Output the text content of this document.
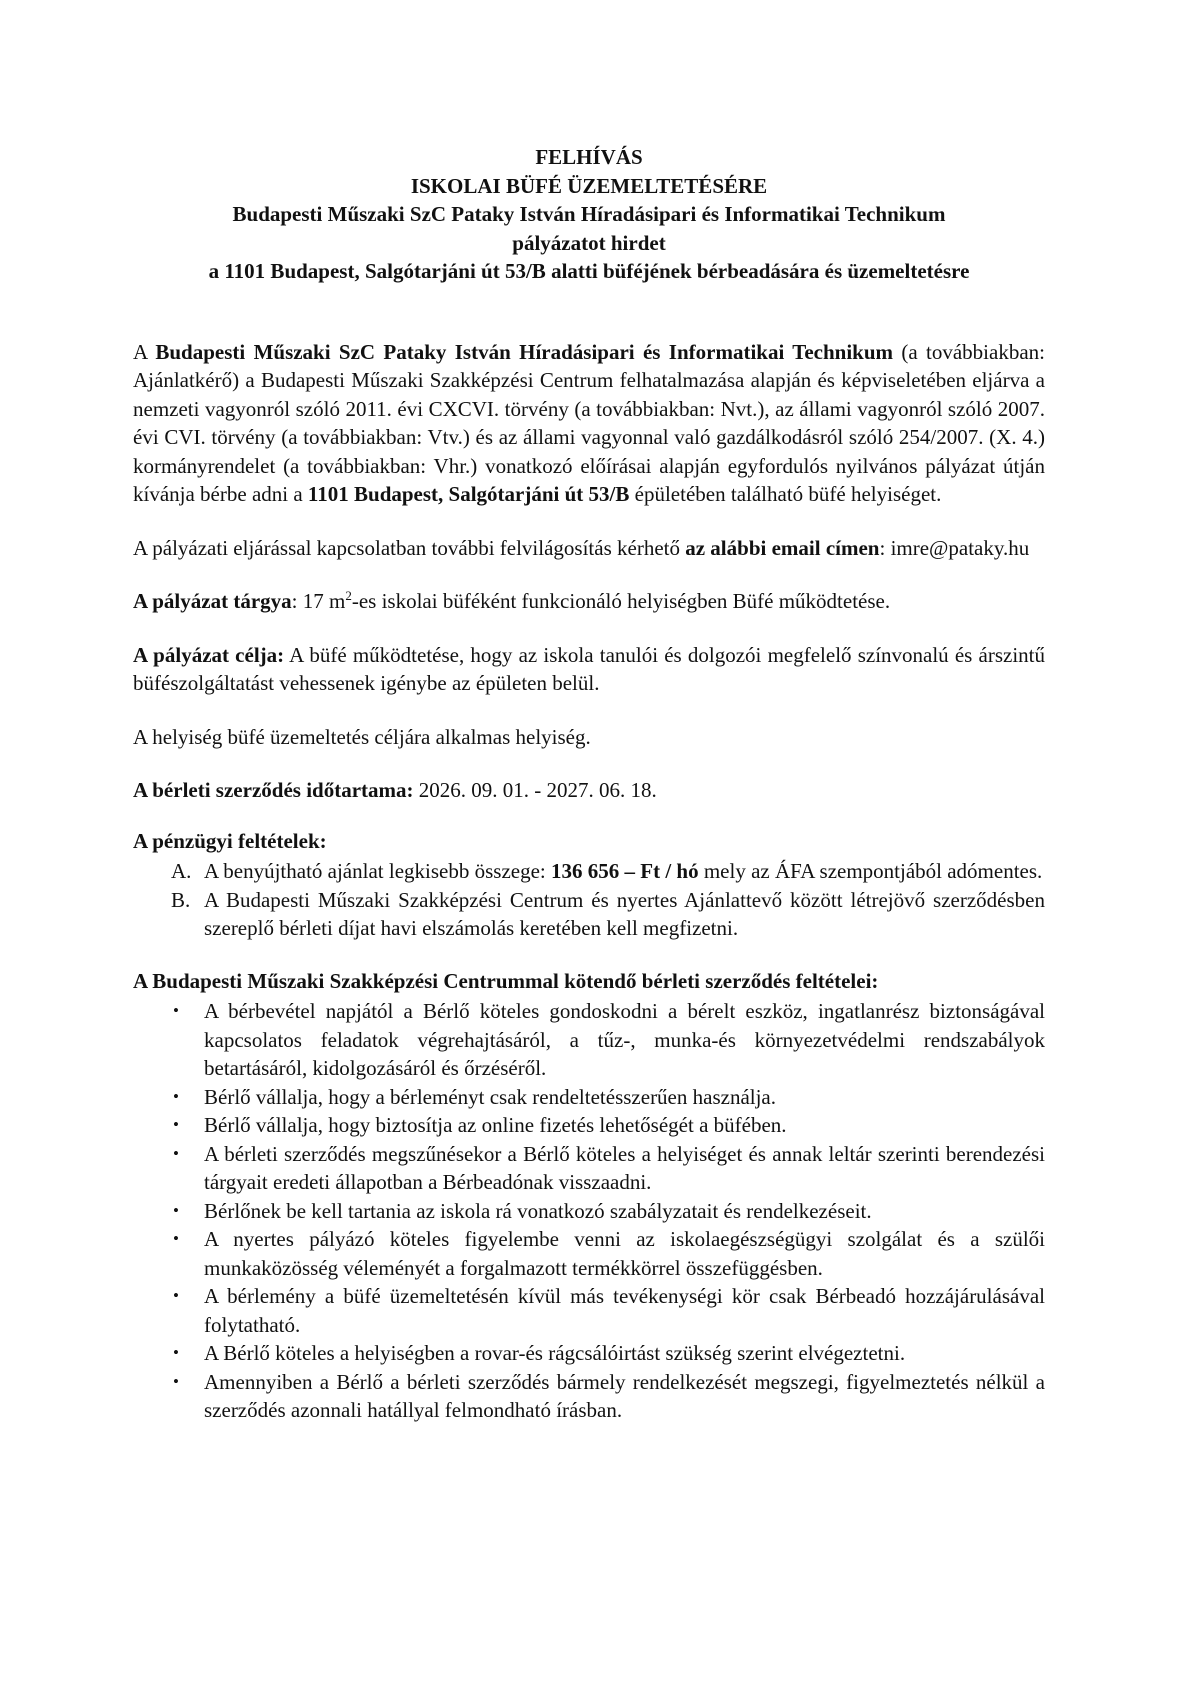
FELHÍVÁS
ISKOLAI BÜFÉ ÜZEMELTETÉSÉRE
Budapesti Műszaki SzC Pataky István Híradásipari és Informatikai Technikum
pályázatot hirdet
a 1101 Budapest, Salgótarjáni út 53/B alatti büféjének bérbeadására és üzemeltetésre

A Budapesti Műszaki SzC Pataky István Híradásipari és Informatikai Technikum (a továbbiakban: Ajánlatkérő) a Budapesti Műszaki Szakképzési Centrum felhatalmazása alapján és képviseletében eljárva a nemzeti vagyonról szóló 2011. évi CXCVI. törvény (a továbbiakban: Nvt.), az állami vagyonról szóló 2007. évi CVI. törvény (a továbbiakban: Vtv.) és az állami vagyonnal való gazdálkodásról szóló 254/2007. (X. 4.) kormányrendelet (a továbbiakban: Vhr.) vonatkozó előírásai alapján egyfordulós nyilvános pályázat útján kívánja bérbe adni a 1101 Budapest, Salgótarjáni út 53/B épületében található büfé helyiséget.

A pályázati eljárással kapcsolatban további felvilágosítás kérhető az alábbi email címen: imre@pataky.hu

A pályázat tárgya: 17 $m^2-es$ iskolai büféként funkcionáló helyiségben Büfé működtetése.

A pályázat célja: A büfé működtetése, hogy az iskola tanulói és dolgozói megfelelő színvonalú és árszintű büfészolgáltatást vehessenek igénybe az épületen belül.

A helyiség büfé üzemeltetés céljára alkalmas helyiség.

A bérleti szerződés időtartama: 2026. 09. 01. - 2027. 06. 18.

A pénzügyi feltételek:
A. A benyújtható ajánlat legkisebb összege: 136 656 – Ft / hó mely az ÁFA szempontjából adómentes.
B. A Budapesti Műszaki Szakképzési Centrum és nyertes Ajánlattevő között létrejövő szerződésben szereplő bérleti díjat havi elszámolás keretében kell megfizetni.
A Budapesti Műszaki Szakképzési Centrummal kötendő bérleti szerződés feltételei:
• A bérbevétel napjától a Bérlő köteles gondoskodni a bérelt eszköz, ingatlanrész biztonságával kapcsolatos feladatok végrehajtásáról, a tűz-, munka-és környezetvédelmi rendszabályok betartásáról, kidolgozásáról és őrzéséről.
• Bérlő vállalja, hogy a bérleményt csak rendeltetésszerűen használja.
• Bérlő vállalja, hogy biztosítja az online fizetés lehetőségét a büfében.
• A bérleti szerződés megszűnésekor a Bérlő köteles a helyiséget és annak leltár szerinti berendezési tárgyait eredeti állapotban a Bérbeadónak visszaadni.
• Bérlőnek be kell tartania az iskola rá vonatkozó szabályzatait és rendelkezéseit.
• A nyertes pályázó köteles figyelembe venni az iskolaegészségügyi szolgálat és a szülői munkaközösség véleményét a forgalmazott termékkörrel összefüggésben.
• A bérlemény a büfé üzemeltetésén kívül más tevékenységi kör csak Bérbeadó hozzájárulásával folytatható.
• A Bérlő köteles a helyiségben a rovar-és rágcsálóirtást szükség szerint elvégeztetni.
• Amennyiben a Bérlő a bérleti szerződés bármely rendelkezését megszegi, figyelmeztetés nélkül a szerződés azonnali hatállyal felmondható írásban.
